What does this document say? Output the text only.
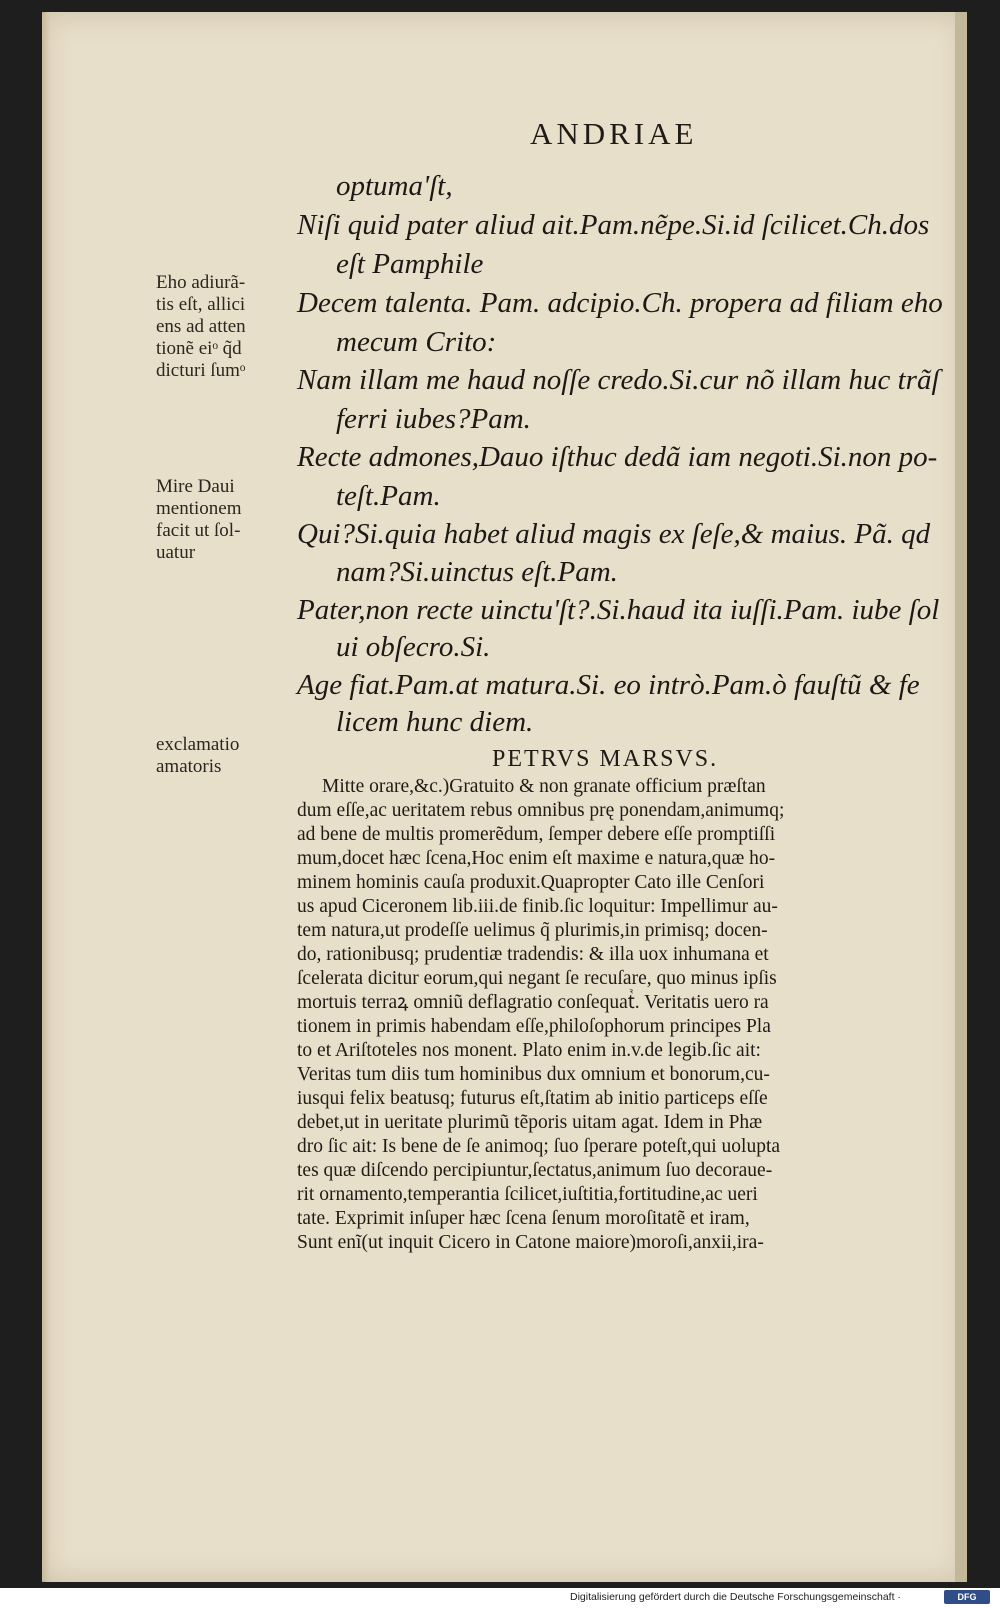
ANDRIAE
optuma'ſt,
Niſi quid pater aliud ait.Pam.nẽpe.Si.id ſcilicet.Ch.dos
eſt Pamphile
Decem talenta. Pam. adcipio.Ch. propera ad filiam eho
mecum Crito:
Nam illam me haud noſſe credo.Si.cur nõ illam huc trãſ
ferri iubes?Pam.
Recte admones,Dauo iſthuc dedã iam negoti.Si.non po-
teſt.Pam.
Qui?Si.quia habet aliud magis ex ſeſe,& maius. Pã. qd
nam?Si.uinctus eſt.Pam.
Pater,non recte uinctu'ſt?.Si.haud ita iuſſi.Pam. iube ſol
ui obſecro.Si.
Age fiat.Pam.at matura.Si. eo intrò.Pam.ò fauſtũ & fe
licem hunc diem.
Eho adiurã-
tis eſt, allici
ens ad atten
tionẽ eiᵒ q̃d
dicturi ſumᵒ
Mire Daui
mentionem
facit ut ſol-
uatur
exclamatio
amatoris	PETRVS MARSVS.
Mitte orare,&c.)Gratuito & non granate officium præſtan
dum eſſe,ac ueritatem rebus omnibus prę ponendam,animumq;
ad bene de multis promerẽdum, ſemper debere eſſe promptiſſi
mum,docet hæc ſcena,Hoc enim eſt maxime e natura,quæ ho-
minem hominis cauſa produxit.Quapropter Cato ille Cenſori
us apud Ciceronem lib.iii.de finib.ſic loquitur: Impellimur au-
tem natura,ut prodeſſe uelimus q̃ plurimis,in primisq; docen-
do, rationibusq; prudentiæ tradendis: & illa uox inhumana et
ſcelerata dicitur eorum,qui negant ſe recuſare, quo minus ipſis
mortuis terraꝝ omniũ deflagratio conſequatᷣ. Veritatis uero ra
tionem in primis habendam eſſe,philoſophorum principes Pla
to et Ariſtoteles nos monent. Plato enim in.v.de legib.ſic ait:
Veritas tum diis tum hominibus dux omnium et bonorum,cu-
iusqui felix beatusq; futurus eſt,ſtatim ab initio particeps eſſe
debet,ut in ueritate plurimũ tẽporis uitam agat. Idem in Phæ
dro ſic ait: Is bene de ſe animoq; ſuo ſperare poteſt,qui uolupta
tes quæ diſcendo percipiuntur,ſectatus,animum ſuo decoraue-
rit ornamento,temperantia ſcilicet,iuſtitia,fortitudine,ac ueri
tate. Exprimit inſuper hæc ſcena ſenum moroſitatẽ et iram,
Sunt enĩ(ut inquit Cicero in Catone maiore)moroſi,anxii,ira-
Digitalisierung gefördert durch die Deutsche Forschungsgemeinschaft ·	DFG
